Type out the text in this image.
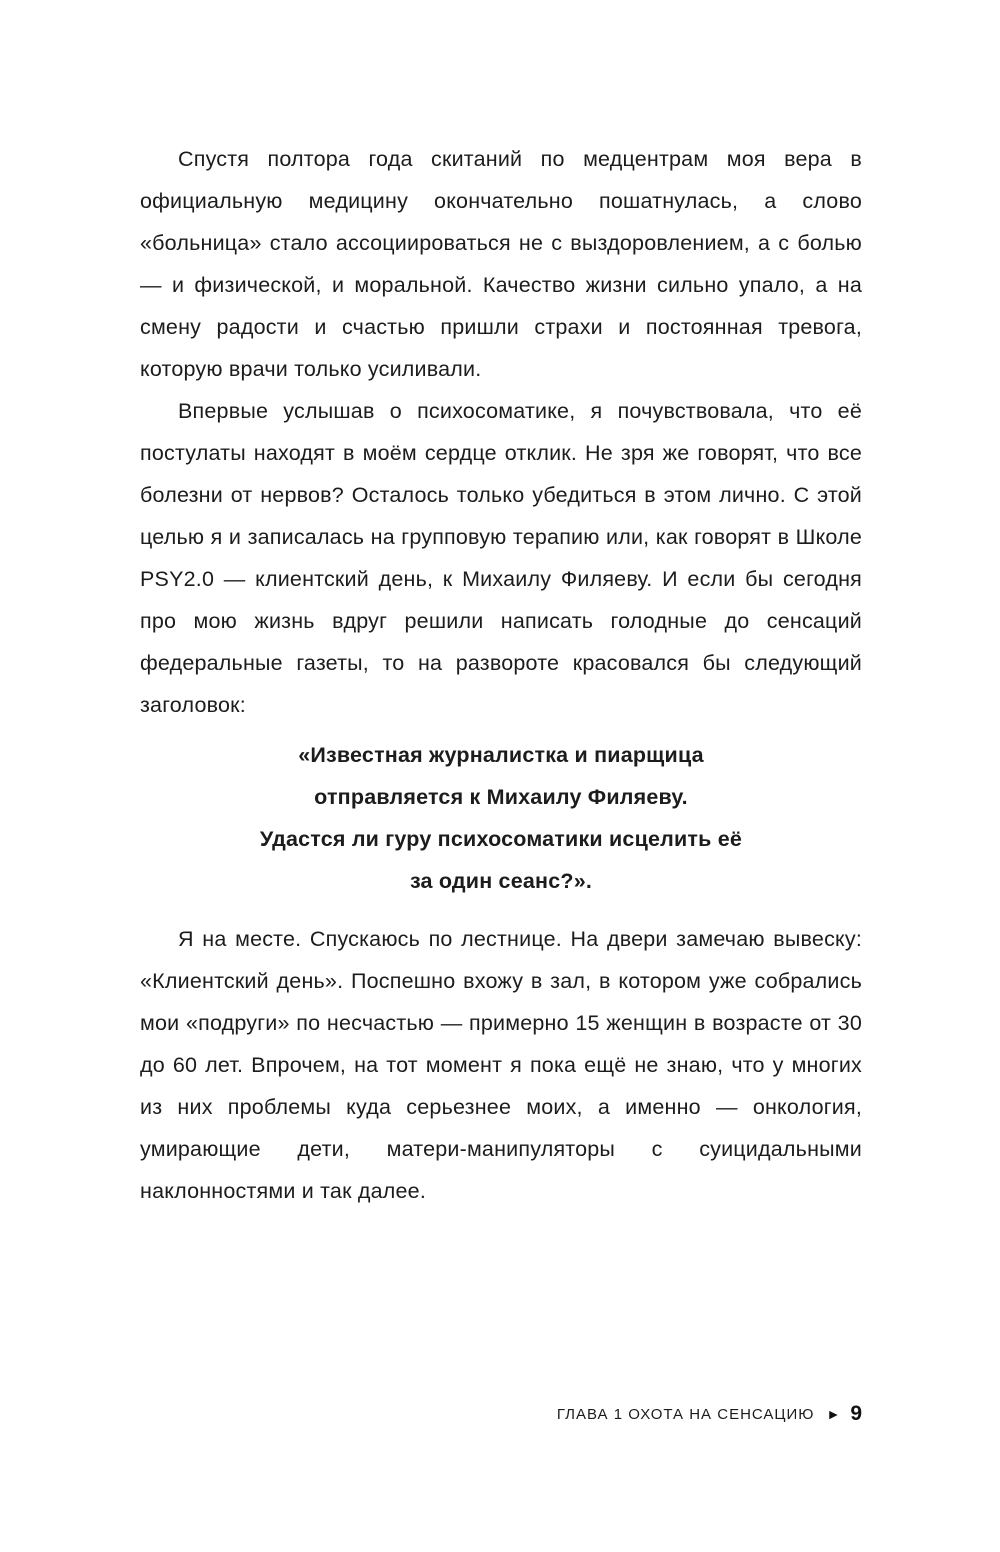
Спустя полтора года скитаний по медцентрам моя вера в официальную медицину окончательно пошатнулась, а слово «больница» стало ассоциироваться не с выздоровлением, а с болью — и физической, и моральной. Качество жизни сильно упало, а на смену радости и счастью пришли страхи и постоянная тревога, которую врачи только усиливали.

Впервые услышав о психосоматике, я почувствовала, что её постулаты находят в моём сердце отклик. Не зря же говорят, что все болезни от нервов? Осталось только убедиться в этом лично. С этой целью я и записалась на групповую терапию или, как говорят в Школе PSY2.0 — клиентский день, к Михаилу Филяеву. И если бы сегодня про мою жизнь вдруг решили написать голодные до сенсаций федеральные газеты, то на развороте красовался бы следующий заголовок:

«Известная журналистка и пиарщица
отправляется к Михаилу Филяеву.
Удастся ли гуру психосоматики исцелить её
за один сеанс?».

Я на месте. Спускаюсь по лестнице. На двери замечаю вывеску: «Клиентский день». Поспешно вхожу в зал, в котором уже собрались мои «подруги» по несчастью — примерно 15 женщин в возрасте от 30 до 60 лет. Впрочем, на тот момент я пока ещё не знаю, что у многих из них проблемы куда серьезнее моих, а именно — онкология, умирающие дети, матери-манипуляторы с суицидальными наклонностями и так далее.

ГЛАВА 1 ОХОТА НА СЕНСАЦИЮ ► 9
